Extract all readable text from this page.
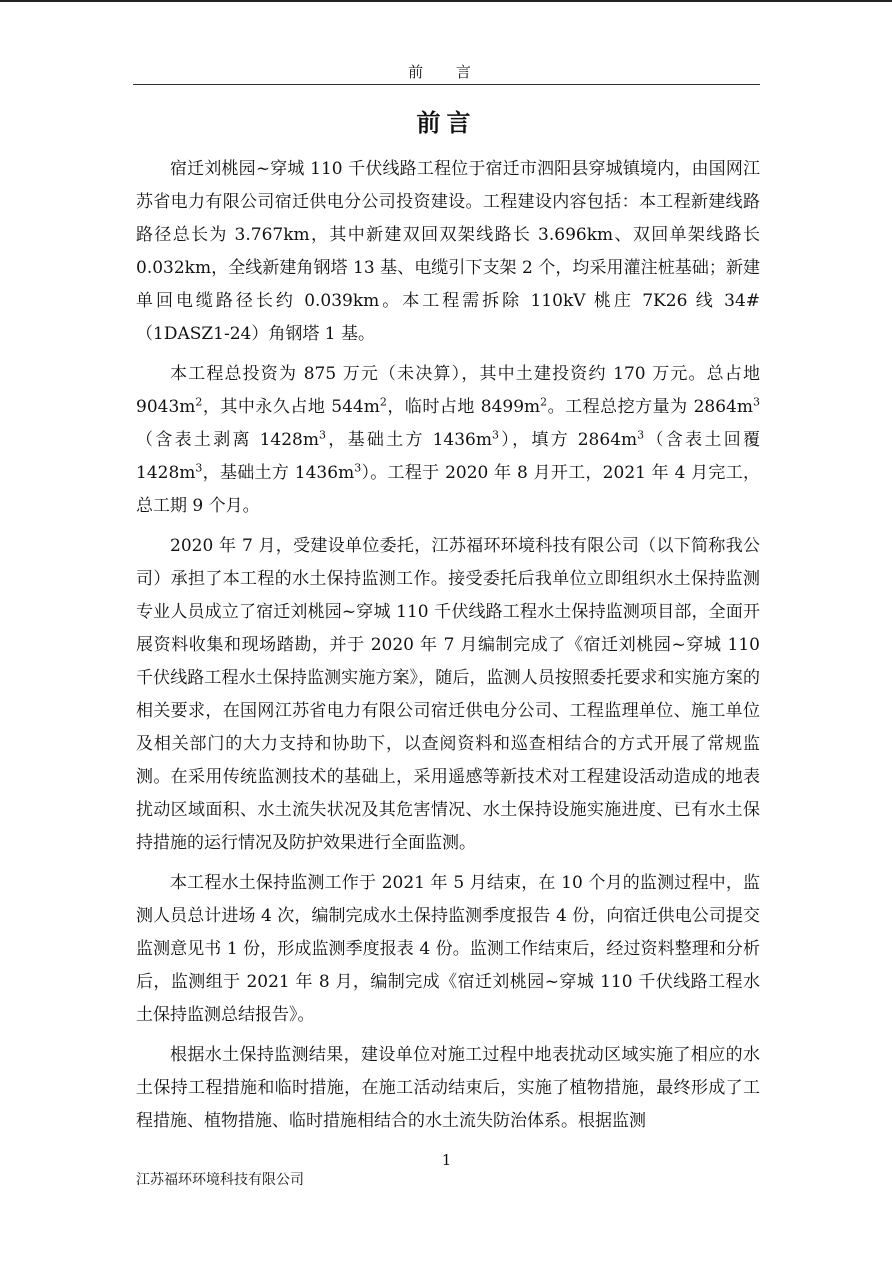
前 言
前言

宿迁刘桃园~穿城 110 千伏线路工程位于宿迁市泗阳县穿城镇境内，由国网江苏省电力有限公司宿迁供电分公司投资建设。工程建设内容包括：本工程新建线路路径总长为 3.767km，其中新建双回双架线路长 3.696km、双回单架线路长 0.032km，全线新建角钢塔 13 基、电缆引下支架 2 个，均采用灌注桩基础；新建单回电缆路径长约 0.039km。本工程需拆除 110kV 桃庄 7K26 线 34#（1DASZ1-24）角钢塔 1 基。

本工程总投资为 875 万元（未决算），其中土建投资约 170 万元。总占地 $9043m^2$，其中永久占地 $544m^2$，临时占地 $8499m^2$。工程总挖方量为 $2864m^3$（含表土剥离 $1428m^3$，基础土方 $1436m^3$），填方 $2864m^3$（含表土回覆 $1428m^3$，基础土方 $1436m^3$）。工程于 2020 年 8 月开工，2021 年 4 月完工，总工期 9 个月。

2020 年 7 月，受建设单位委托，江苏福环环境科技有限公司（以下简称我公司）承担了本工程的水土保持监测工作。接受委托后我单位立即组织水土保持监测专业人员成立了宿迁刘桃园~穿城 110 千伏线路工程水土保持监测项目部，全面开展资料收集和现场踏勘，并于 2020 年 7 月编制完成了《宿迁刘桃园~穿城 110 千伏线路工程水土保持监测实施方案》，随后，监测人员按照委托要求和实施方案的相关要求，在国网江苏省电力有限公司宿迁供电分公司、工程监理单位、施工单位及相关部门的大力支持和协助下，以查阅资料和巡查相结合的方式开展了常规监测。在采用传统监测技术的基础上，采用遥感等新技术对工程建设活动造成的地表扰动区域面积、水土流失状况及其危害情况、水土保持设施实施进度、已有水土保持措施的运行情况及防护效果进行全面监测。

本工程水土保持监测工作于 2021 年 5 月结束，在 10 个月的监测过程中，监测人员总计进场 4 次，编制完成水土保持监测季度报告 4 份，向宿迁供电公司提交监测意见书 1 份，形成监测季度报表 4 份。监测工作结束后，经过资料整理和分析后，监测组于 2021 年 8 月，编制完成《宿迁刘桃园~穿城 110 千伏线路工程水土保持监测总结报告》。

根据水土保持监测结果，建设单位对施工过程中地表扰动区域实施了相应的水土保持工程措施和临时措施，在施工活动结束后，实施了植物措施，最终形成了工程措施、植物措施、临时措施相结合的水土流失防治体系。根据监测

1
江苏福环环境科技有限公司
